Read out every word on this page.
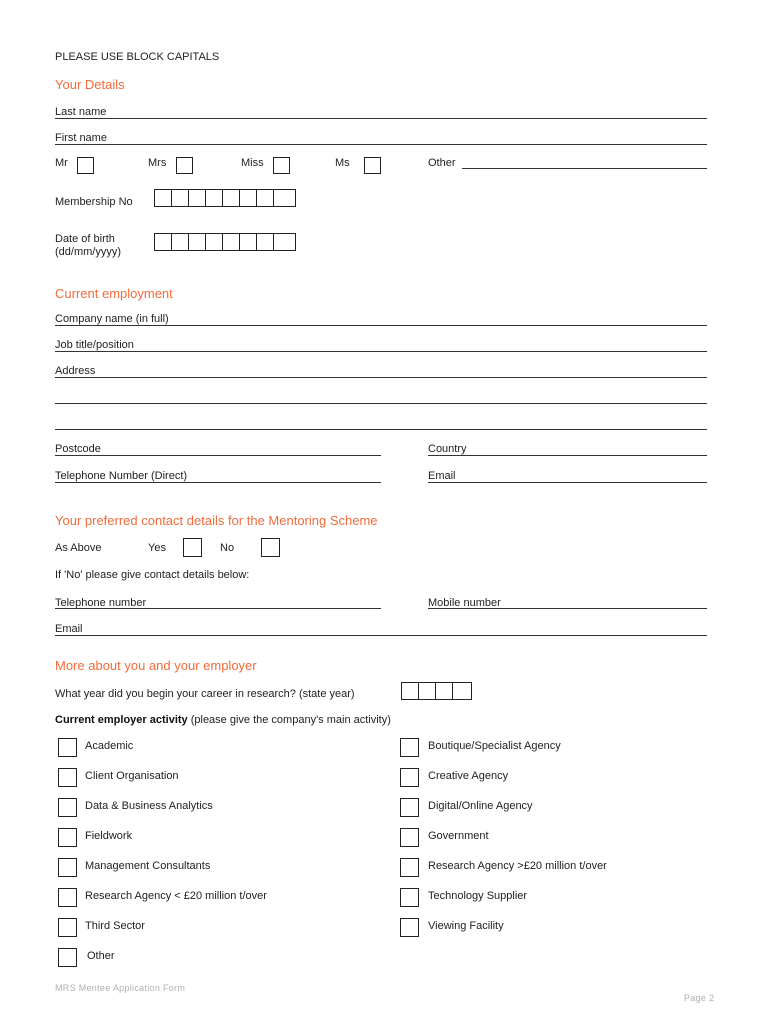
PLEASE USE BLOCK CAPITALS
Your Details
Last name
First name
Mr	Mrs	Miss	Ms	Other
Membership No
Date of birth
(dd/mm/yyyy)
Current employment
Company name (in full)
Job title/position
Address
Postcode	Country
Telephone Number (Direct)	Email
Your preferred contact details for the Mentoring Scheme
As Above	Yes	No
If 'No' please give contact details below:
Telephone number	Mobile number
Email
More about you and your employer
What year did you begin your career in research? (state year)
Current employer activity (please give the company's main activity)
Academic
Client Organisation
Data & Business Analytics
Fieldwork
Management Consultants
Research Agency < £20 million t/over
Third Sector
Other
Boutique/Specialist Agency
Creative Agency
Digital/Online Agency
Government
Research Agency >£20 million t/over
Technology Supplier
Viewing Facility
MRS Mentee Application Form
Page 2
